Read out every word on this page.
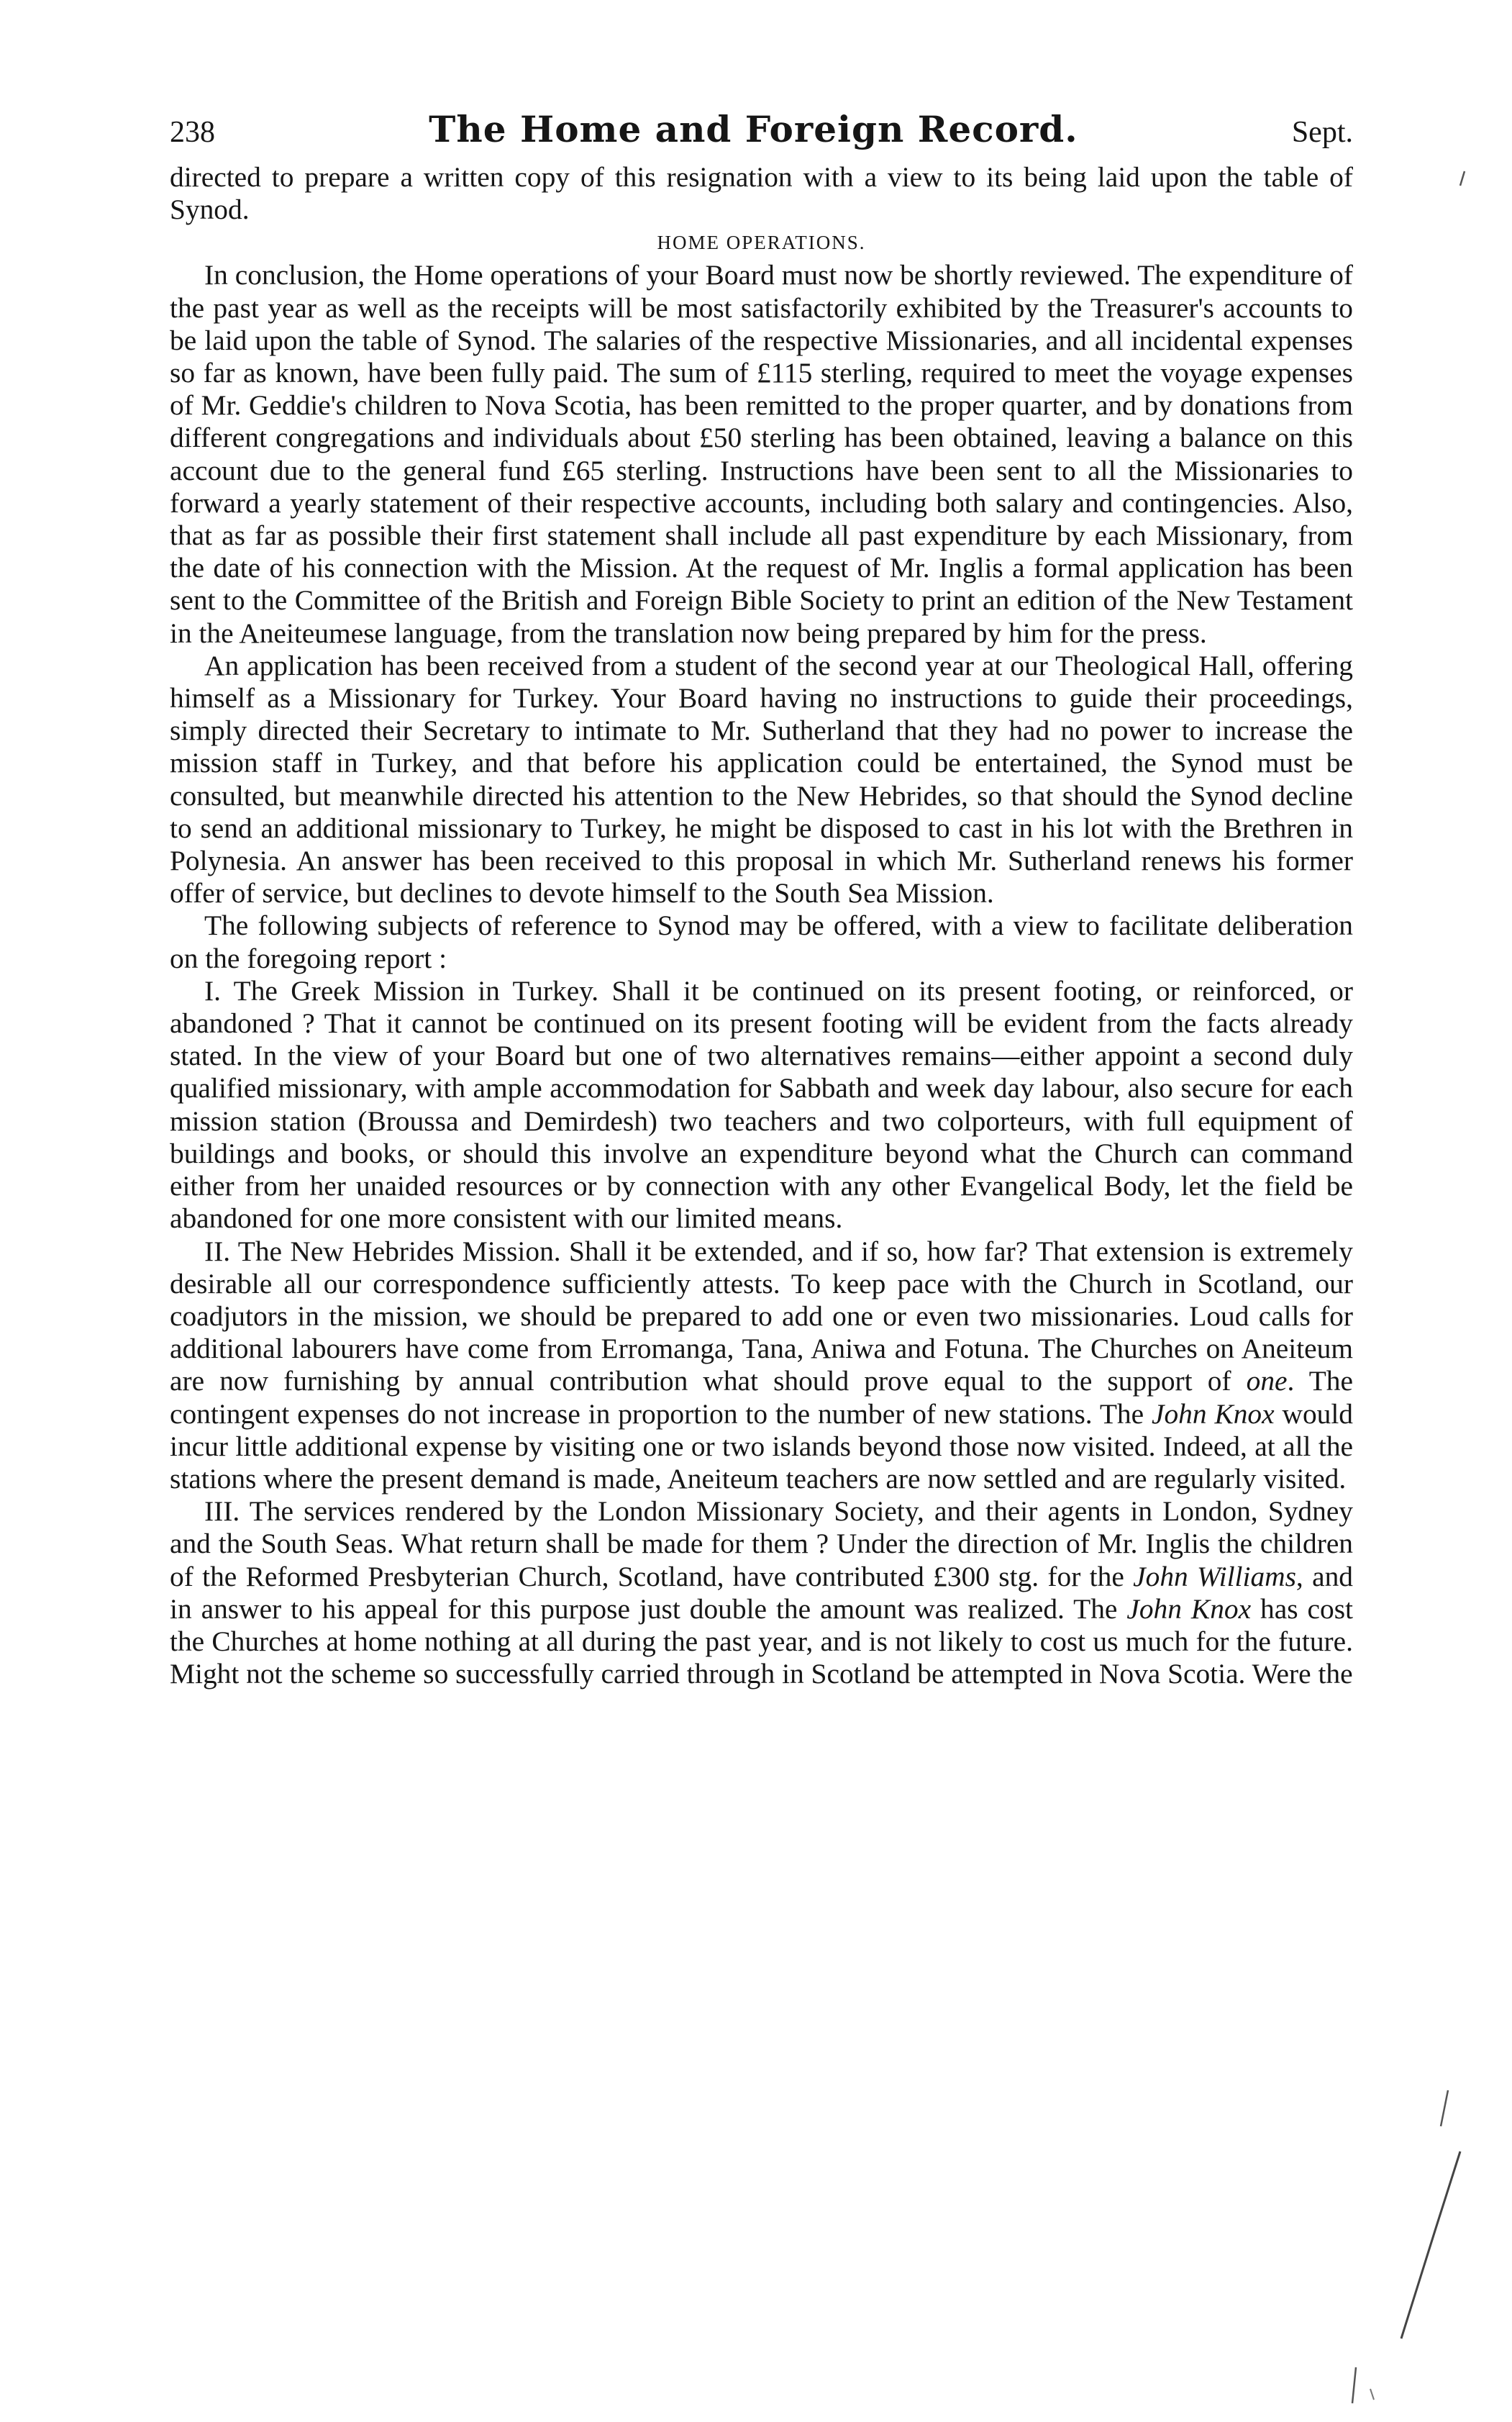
238	The Home and Foreign Record.	Sept.

directed to prepare a written copy of this resignation with a view to its being laid upon the table of Synod.

HOME OPERATIONS.

In conclusion, the Home operations of your Board must now be shortly reviewed. The expenditure of the past year as well as the receipts will be most satisfactorily exhibited by the Treasurer's accounts to be laid upon the table of Synod. The salaries of the respective Missionaries, and all incidental expenses so far as known, have been fully paid. The sum of £115 sterling, required to meet the voyage expenses of Mr. Geddie's children to Nova Scotia, has been remitted to the proper quarter, and by donations from different congregations and individuals about £50 sterling has been obtained, leaving a balance on this account due to the general fund £65 sterling. Instructions have been sent to all the Missionaries to forward a yearly statement of their respective accounts, including both salary and contingencies. Also, that as far as possible their first statement shall include all past expenditure by each Missionary, from the date of his connection with the Mission. At the request of Mr. Inglis a formal application has been sent to the Committee of the British and Foreign Bible Society to print an edition of the New Testament in the Aneiteumese language, from the translation now being prepared by him for the press.

An application has been received from a student of the second year at our Theological Hall, offering himself as a Missionary for Turkey. Your Board having no instructions to guide their proceedings, simply directed their Secretary to intimate to Mr. Sutherland that they had no power to increase the mission staff in Turkey, and that before his application could be entertained, the Synod must be consulted, but meanwhile directed his attention to the New Hebrides, so that should the Synod decline to send an additional missionary to Turkey, he might be disposed to cast in his lot with the Brethren in Polynesia. An answer has been received to this proposal in which Mr. Sutherland renews his former offer of service, but declines to devote himself to the South Sea Mission.

The following subjects of reference to Synod may be offered, with a view to facilitate deliberation on the foregoing report :

I. The Greek Mission in Turkey. Shall it be continued on its present footing, or reinforced, or abandoned ? That it cannot be continued on its present footing will be evident from the facts already stated. In the view of your Board but one of two alternatives remains—either appoint a second duly qualified missionary, with ample accommodation for Sabbath and week day labour, also secure for each mission station (Broussa and Demirdesh) two teachers and two colporteurs, with full equipment of buildings and books, or should this involve an expenditure beyond what the Church can command either from her unaided resources or by connection with any other Evangelical Body, let the field be abandoned for one more consistent with our limited means.

II. The New Hebrides Mission. Shall it be extended, and if so, how far? That extension is extremely desirable all our correspondence sufficiently attests. To keep pace with the Church in Scotland, our coadjutors in the mission, we should be prepared to add one or even two missionaries. Loud calls for additional labourers have come from Erromanga, Tana, Aniwa and Fotuna. The Churches on Aneiteum are now furnishing by annual contribution what should prove equal to the support of one. The contingent expenses do not increase in proportion to the number of new stations. The John Knox would incur little additional expense by visiting one or two islands beyond those now visited. Indeed, at all the stations where the present demand is made, Aneiteum teachers are now settled and are regularly visited.

III. The services rendered by the London Missionary Society, and their agents in London, Sydney and the South Seas. What return shall be made for them ? Under the direction of Mr. Inglis the children of the Reformed Presbyterian Church, Scotland, have contributed £300 stg. for the John Williams, and in answer to his appeal for this purpose just double the amount was realized. The John Knox has cost the Churches at home nothing at all during the past year, and is not likely to cost us much for the future. Might not the scheme so successfully carried through in Scotland be attempted in Nova Scotia. Were the
